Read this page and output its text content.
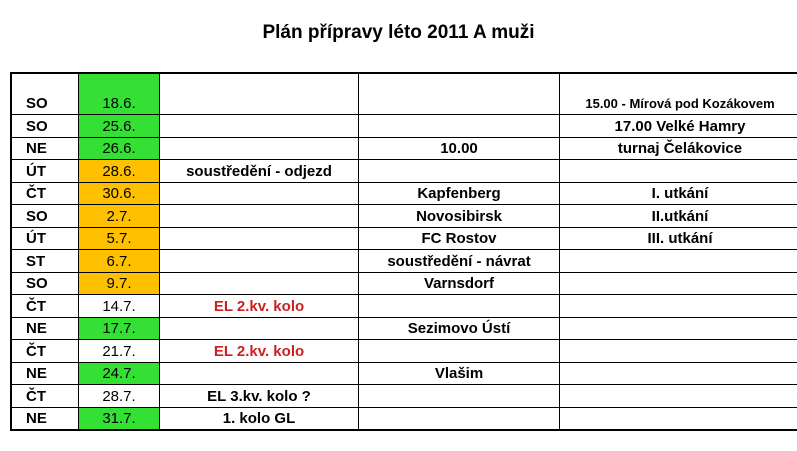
Plán přípravy léto 2011 A muži
SO	18.6.			15.00 - Mírová pod Kozákovem
SO	25.6.			17.00 Velké Hamry
NE	26.6.		10.00	turnaj Čelákovice
ÚT	28.6.	soustředění - odjezd		
ČT	30.6.		Kapfenberg	I. utkání
SO	2.7.		Novosibirsk	II.utkání
ÚT	5.7.		FC Rostov	III. utkání
ST	6.7.		soustředění - návrat	
SO	9.7.		Varnsdorf	
ČT	14.7.	EL 2.kv. kolo		
NE	17.7.		Sezimovo Ústí	
ČT	21.7.	EL 2.kv. kolo		
NE	24.7.		Vlašim	
ČT	28.7.	EL 3.kv. kolo ?		
NE	31.7.	1. kolo GL		
